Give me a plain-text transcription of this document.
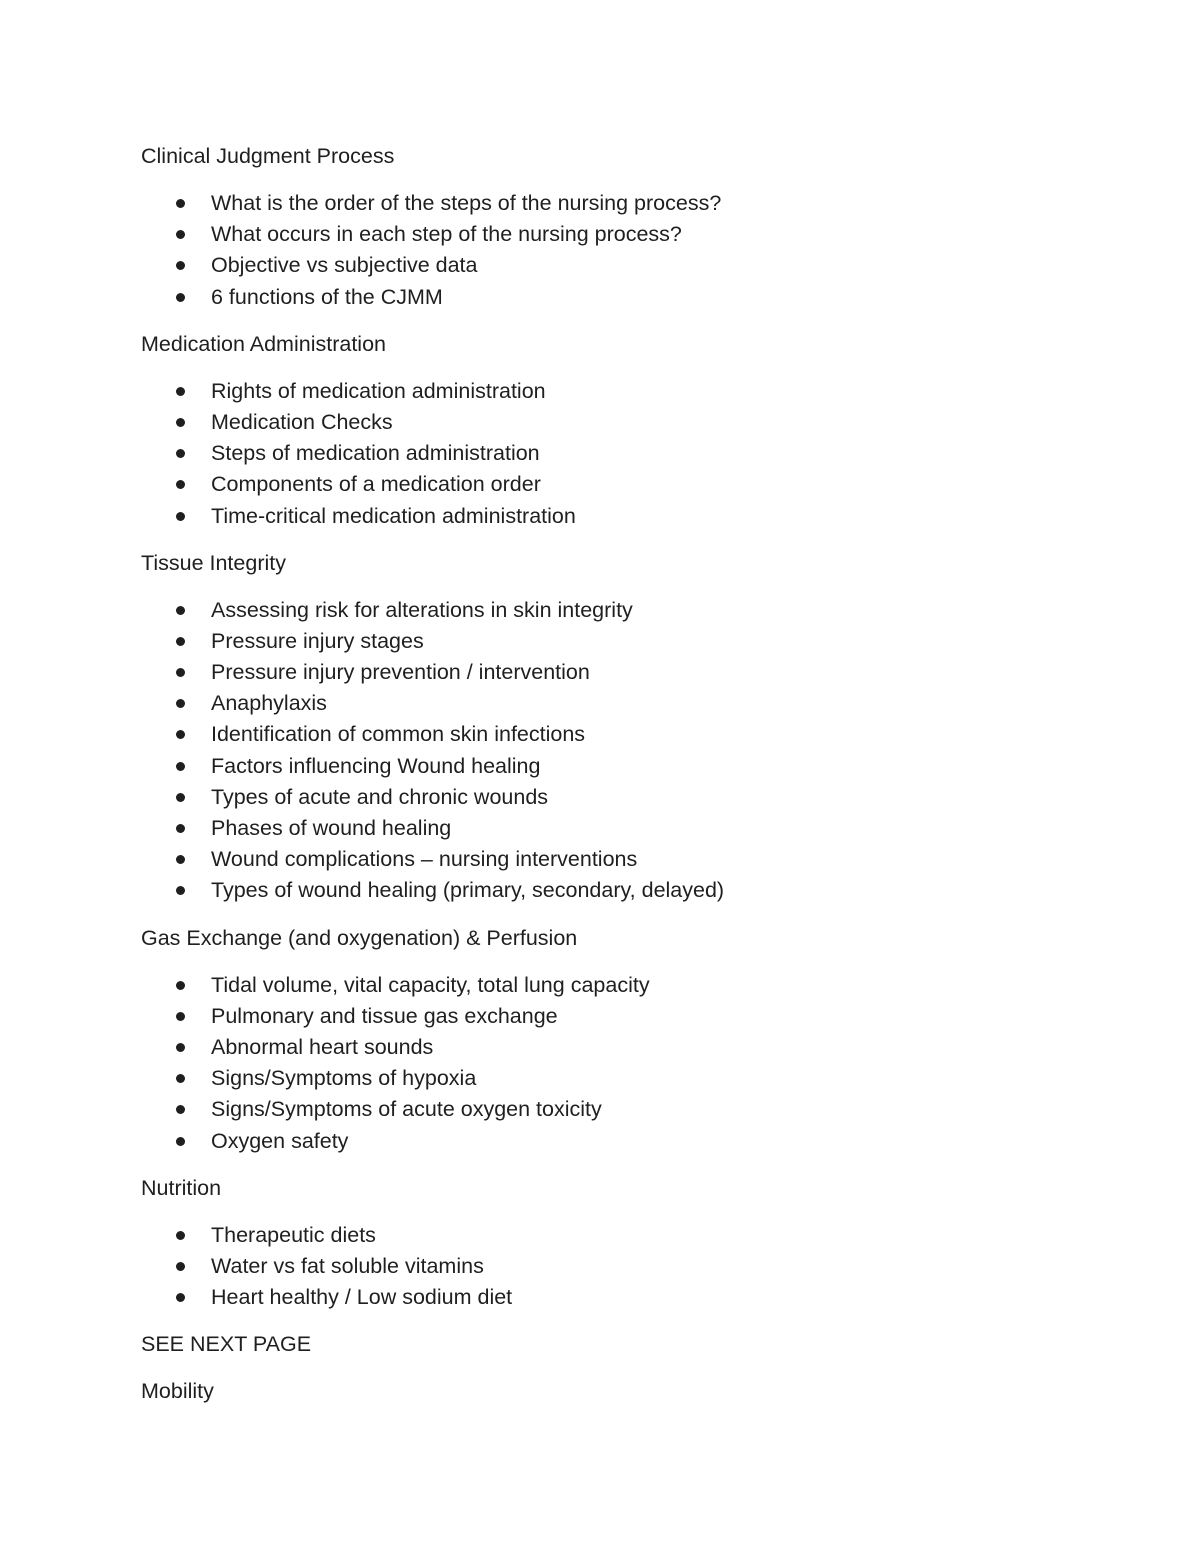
Clinical Judgment Process
What is the order of the steps of the nursing process?
What occurs in each step of the nursing process?
Objective vs subjective data
6 functions of the CJMM
Medication Administration
Rights of medication administration
Medication Checks
Steps of medication administration
Components of a medication order
Time-critical medication administration
Tissue Integrity
Assessing risk for alterations in skin integrity
Pressure injury stages
Pressure injury prevention / intervention
Anaphylaxis
Identification of common skin infections
Factors influencing Wound healing
Types of acute and chronic wounds
Phases of wound healing
Wound complications – nursing interventions
Types of wound healing (primary, secondary, delayed)
Gas Exchange (and oxygenation) & Perfusion
Tidal volume, vital capacity, total lung capacity
Pulmonary and tissue gas exchange
Abnormal heart sounds
Signs/Symptoms of hypoxia
Signs/Symptoms of acute oxygen toxicity
Oxygen safety
Nutrition
Therapeutic diets
Water vs fat soluble vitamins
Heart healthy / Low sodium diet
SEE NEXT PAGE
Mobility
